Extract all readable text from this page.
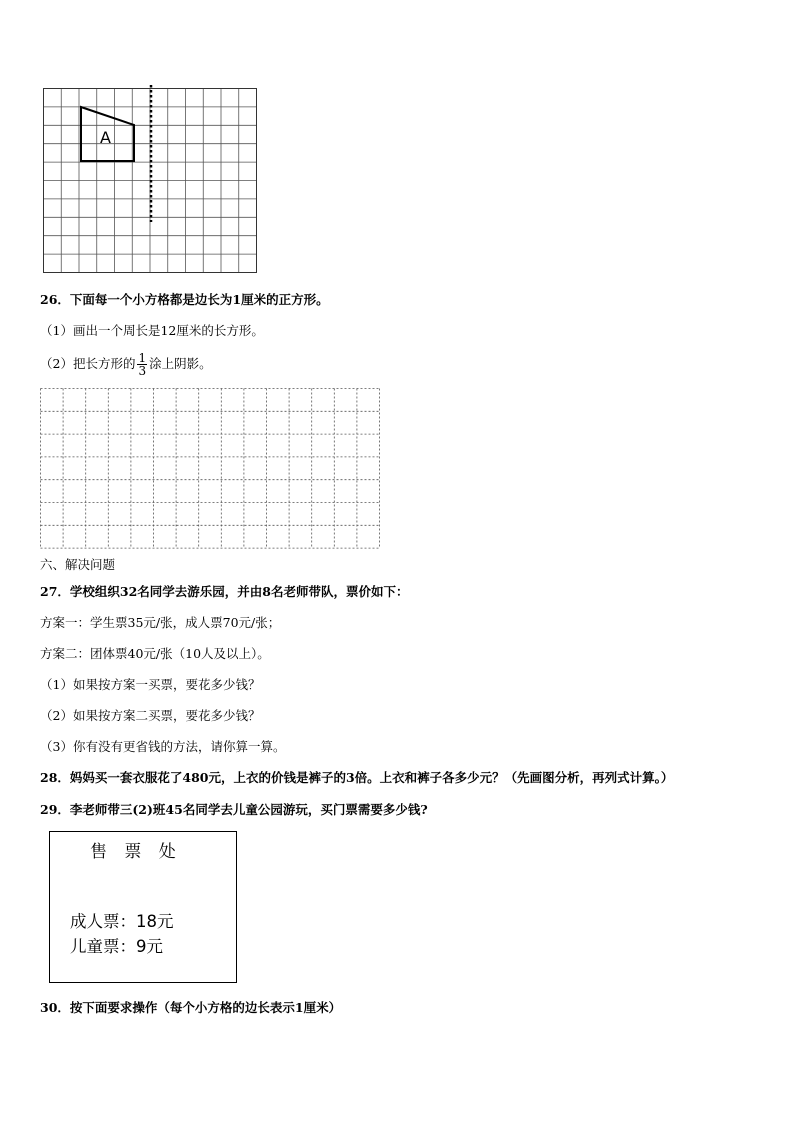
A
26．下面每一个小方格都是边长为1厘米的正方形。
（1）画出一个周长是12厘米的长方形。
（2）把长方形的 $\frac{1}{3}$ 涂上阴影。
六、解决问题
27．学校组织32名同学去游乐园，并由8名老师带队，票价如下：
方案一：学生票35元/张，成人票70元/张；
方案二：团体票40元/张（10人及以上）。
（1）如果按方案一买票，要花多少钱？
（2）如果按方案二买票，要花多少钱？
（3）你有没有更省钱的方法，请你算一算。
28．妈妈买一套衣服花了480元，上衣的价钱是裤子的3倍。上衣和裤子各多少元？（先画图分析，再列式计算。）
29．李老师带三(2)班45名同学去儿童公园游玩，买门票需要多少钱?
售 票 处
成人票：18元
儿童票：9元
30．按下面要求操作（每个小方格的边长表示1厘米）
